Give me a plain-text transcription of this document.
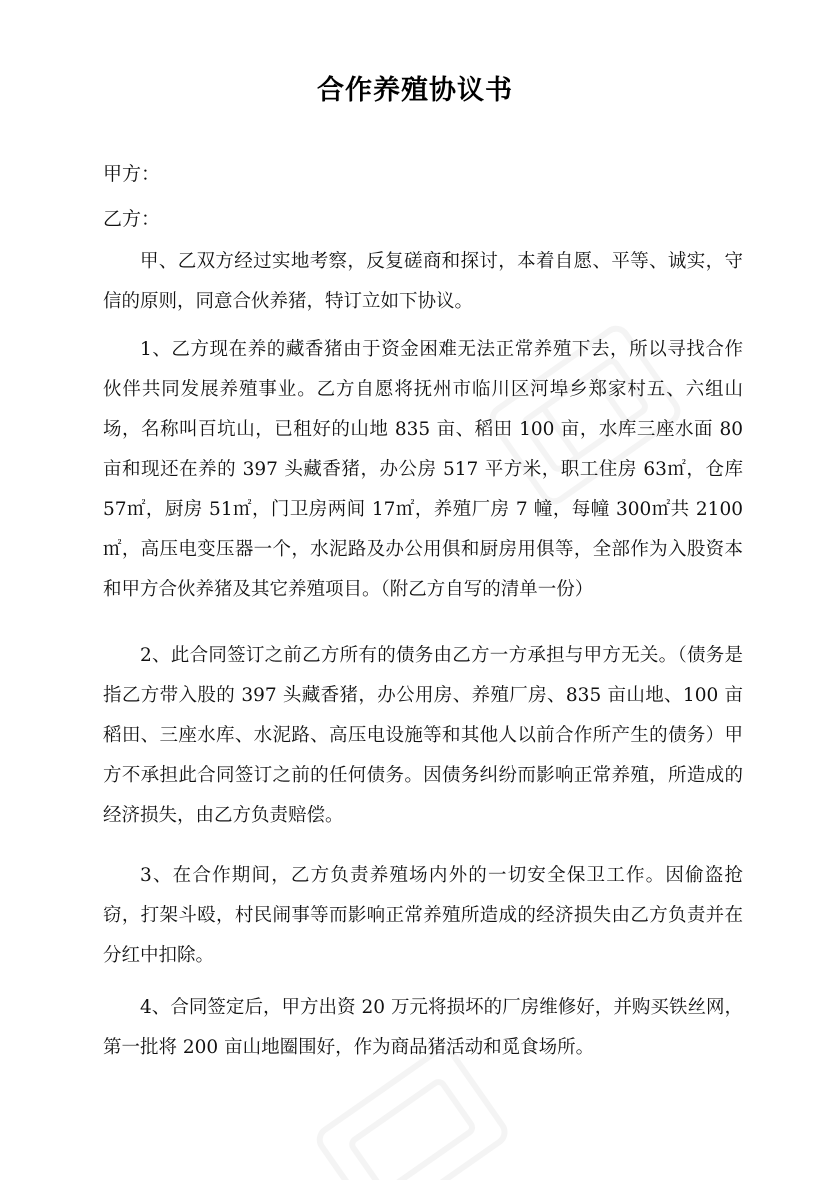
合作养殖协议书
甲方：
乙方：

甲、乙双方经过实地考察，反复磋商和探讨，本着自愿、平等、诚实，守信的原则，同意合伙养猪，特订立如下协议。

1、乙方现在养的藏香猪由于资金困难无法正常养殖下去，所以寻找合作伙伴共同发展养殖事业。乙方自愿将抚州市临川区河埠乡郑家村五、六组山场，名称叫百坑山，已租好的山地 835 亩、稻田 100 亩，水库三座水面 80 亩和现还在养的 397 头藏香猪，办公房 517 平方米，职工住房 63㎡，仓库 57㎡，厨房 51㎡，门卫房两间 17㎡，养殖厂房 7 幢，每幢 300㎡共 2100㎡，高压电变压器一个，水泥路及办公用俱和厨房用俱等，全部作为入股资本和甲方合伙养猪及其它养殖项目。（附乙方自写的清单一份）

2、此合同签订之前乙方所有的债务由乙方一方承担与甲方无关。（债务是指乙方带入股的 397 头藏香猪，办公用房、养殖厂房、835 亩山地、100 亩稻田、三座水库、水泥路、高压电设施等和其他人以前合作所产生的债务）甲方不承担此合同签订之前的任何债务。因债务纠纷而影响正常养殖，所造成的经济损失，由乙方负责赔偿。

3、在合作期间，乙方负责养殖场内外的一切安全保卫工作。因偷盗抢窃，打架斗殴，村民闹事等而影响正常养殖所造成的经济损失由乙方负责并在分红中扣除。

4、合同签定后，甲方出资 20 万元将损坏的厂房维修好，并购买铁丝网，第一批将 200 亩山地圈围好，作为商品猪活动和觅食场所。
